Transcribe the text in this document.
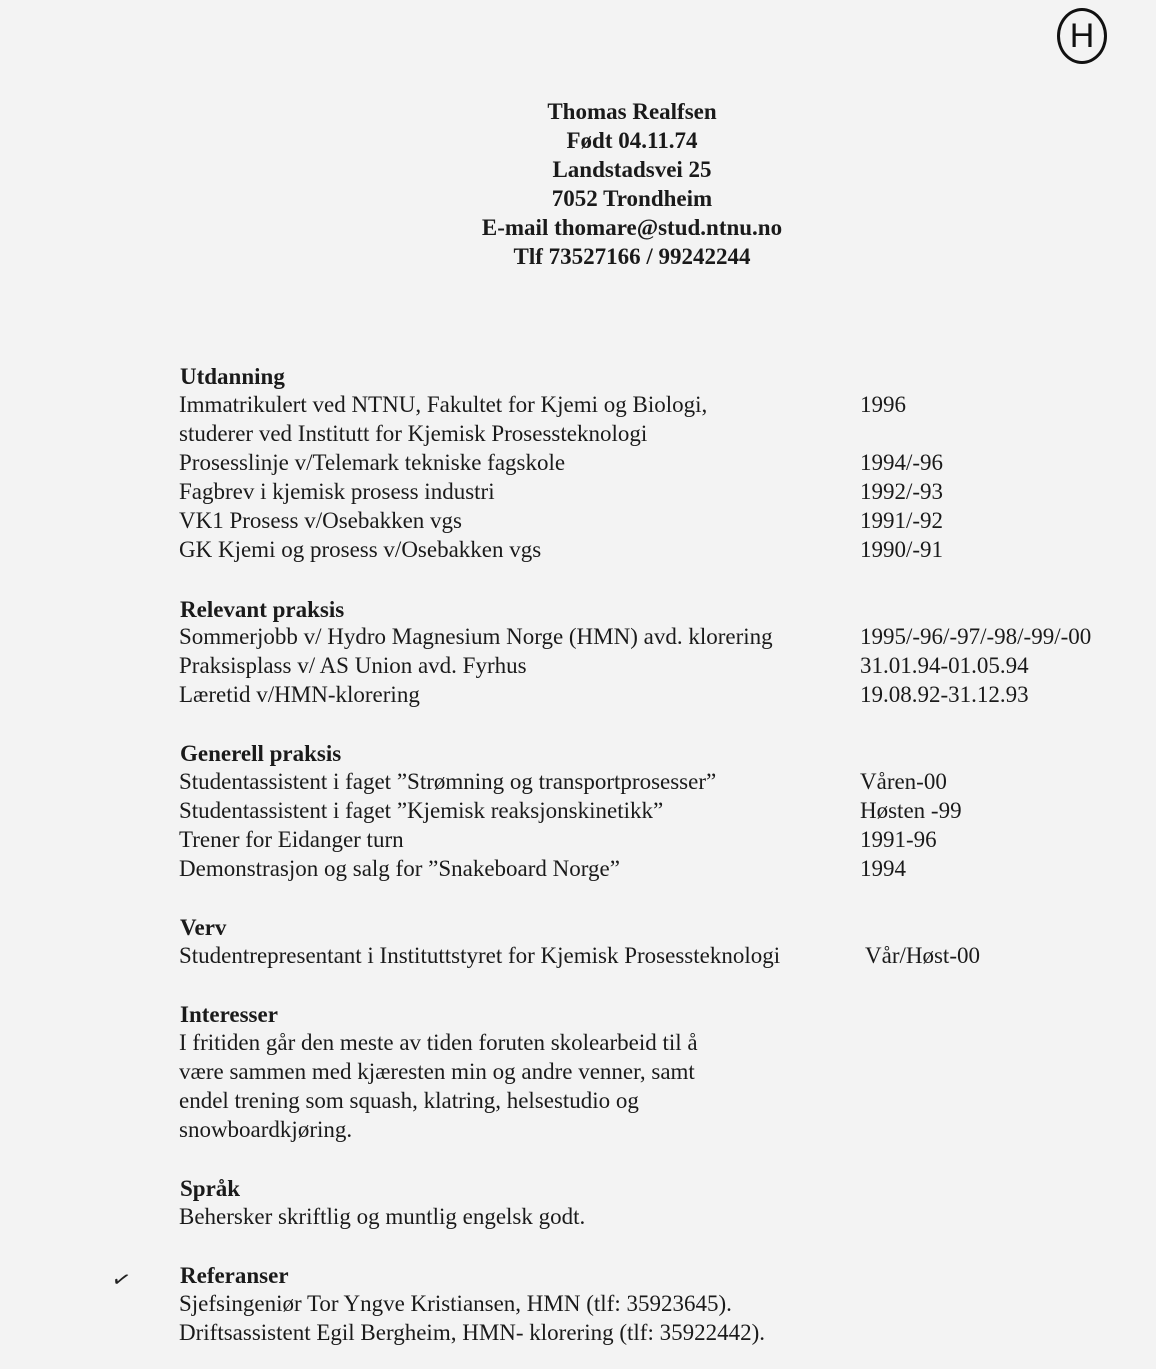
H
Thomas Realfsen
Født 04.11.74
Landstadsvei 25
7052 Trondheim
E-mail thomare@stud.ntnu.no
Tlf 73527166 / 99242244
Utdanning
Immatrikulert ved NTNU, Fakultet for Kjemi og Biologi,	1996
studerer ved Institutt for Kjemisk Prosessteknologi
Prosesslinje v/Telemark tekniske fagskole	1994/-96
Fagbrev i kjemisk prosess industri	1992/-93
VK1 Prosess v/Osebakken vgs	1991/-92
GK Kjemi og prosess v/Osebakken vgs	1990/-91
Relevant praksis
Sommerjobb v/ Hydro Magnesium Norge (HMN) avd. klorering	1995/-96/-97/-98/-99/-00
Praksisplass v/ AS Union avd. Fyrhus	31.01.94-01.05.94
Læretid v/HMN-klorering	19.08.92-31.12.93
Generell praksis
Studentassistent i faget ”Strømning og transportprosesser”	Våren-00
Studentassistent i faget ”Kjemisk reaksjonskinetikk”	Høsten -99
Trener for Eidanger turn	1991-96
Demonstrasjon og salg for ”Snakeboard Norge”	1994
Verv
Studentrepresentant i Instituttstyret for Kjemisk Prosessteknologi	Vår/Høst-00
Interesser
I fritiden går den meste av tiden foruten skolearbeid til å
være sammen med kjæresten min og andre venner, samt
endel trening som squash, klatring, helsestudio og
snowboardkjøring.
Språk
Behersker skriftlig og muntlig engelsk godt.
✓ Referanser
Sjefsingeniør Tor Yngve Kristiansen, HMN (tlf: 35923645).
Driftsassistent Egil Bergheim, HMN- klorering (tlf: 35922442).
